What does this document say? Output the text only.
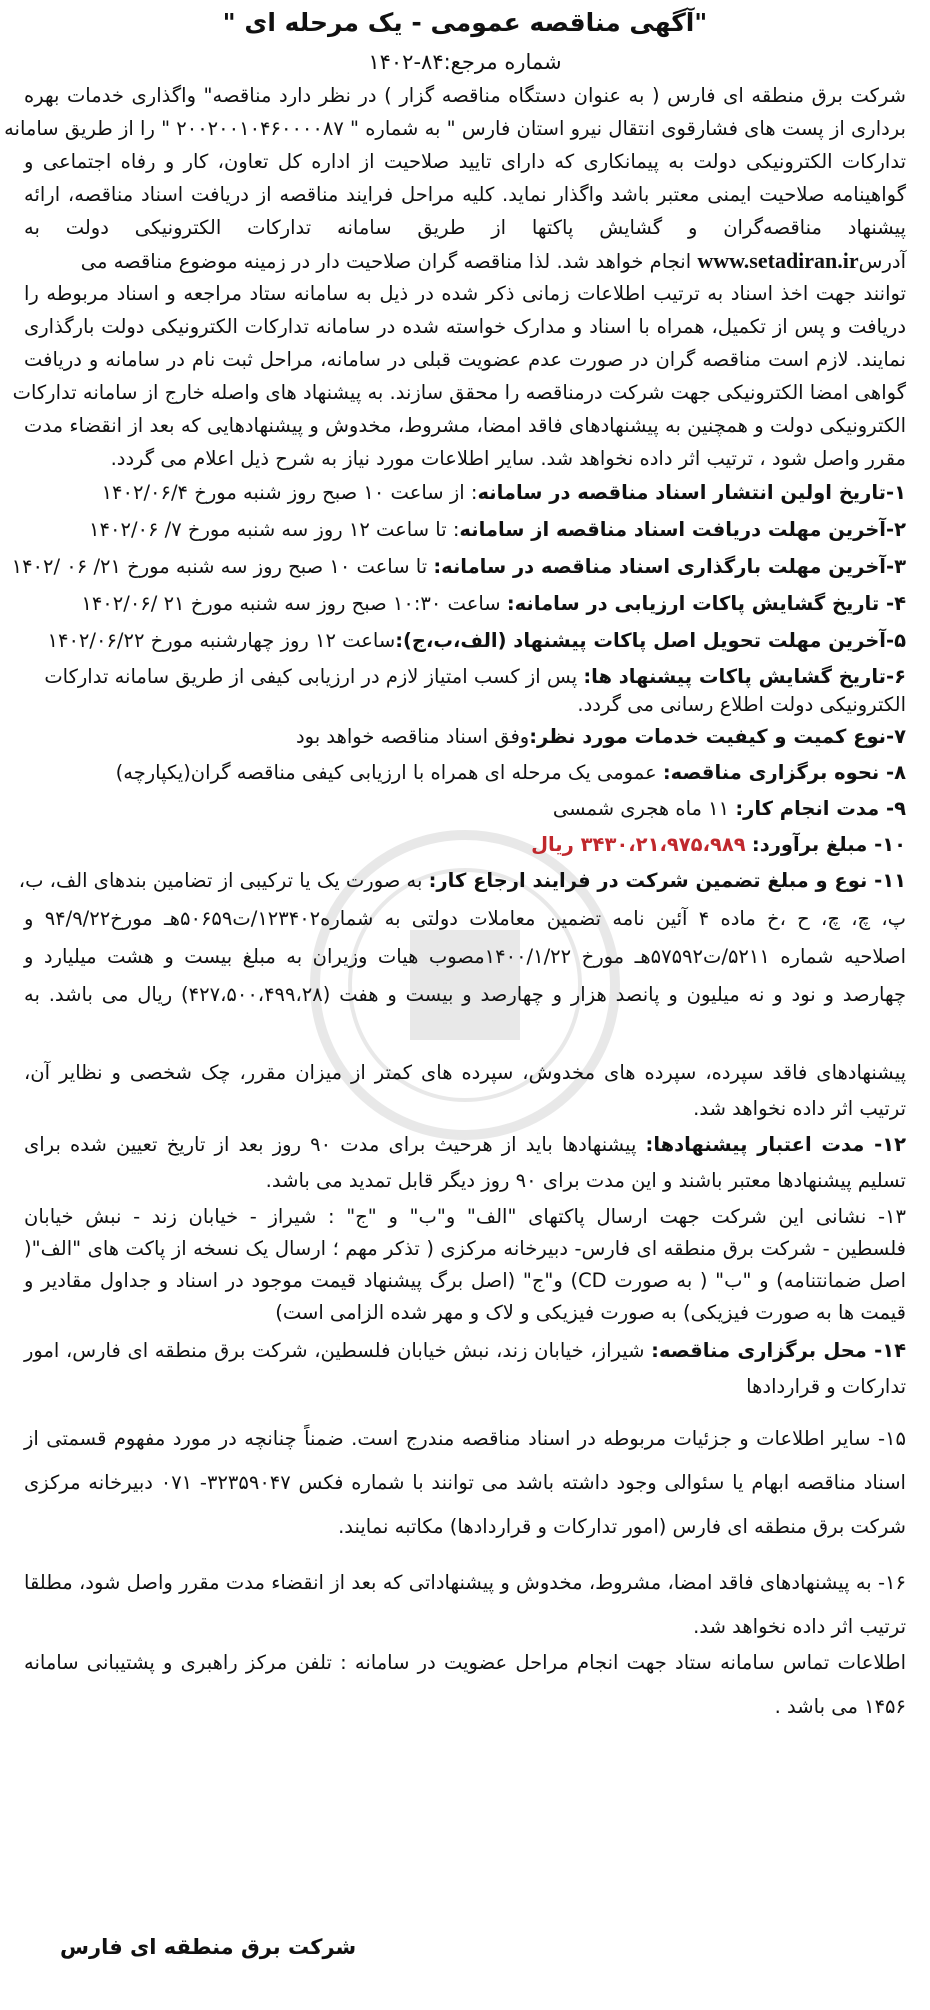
"آگهی مناقصه عمومی - یک مرحله ای "
شماره مرجع:۸۴-۱۴۰۲
شرکت برق منطقه ای فارس ( به عنوان دستگاه مناقصه گزار ) در نظر دارد مناقصه" واگذاری خدمات بهره
برداری از پست های فشارقوی انتقال نیرو استان فارس " به شماره " ۲۰۰۲۰۰۱۰۴۶۰۰۰۰۸۷ " را از طریق سامانه
تدارکات الکترونیکی دولت به پیمانکاری که دارای تایید صلاحیت از اداره کل تعاون، کار و رفاه اجتماعی و
گواهینامه صلاحیت ایمنی معتبر باشد واگذار نماید. کلیه مراحل فرایند مناقصه از دریافت اسناد مناقصه، ارائه
پیشنهاد مناقصه‌گران و گشایش پاکتها از طریق سامانه تدارکات الکترونیکی دولت به
آدرسwww.setadiran.ir انجام خواهد شد. لذا مناقصه گران صلاحیت دار در زمینه موضوع مناقصه می
توانند جهت اخذ اسناد به ترتیب اطلاعات زمانی ذکر شده در ذیل به سامانه ستاد مراجعه و اسناد مربوطه را
دریافت و پس از تکمیل، همراه با اسناد و مدارک خواسته شده در سامانه تدارکات الکترونیکی دولت بارگذاری
نمایند. لازم است مناقصه گران در صورت عدم عضویت قبلی در سامانه، مراحل ثبت نام در سامانه و دریافت
گواهی امضا الکترونیکی جهت شرکت درمناقصه را محقق سازند. به پیشنهاد های واصله خارج از سامانه تدارکات
الکترونیکی دولت و همچنین به پیشنهادهای فاقد امضا، مشروط، مخدوش و پیشنهادهایی که بعد از انقضاء مدت
مقرر واصل شود ، ترتیب اثر داده نخواهد شد. سایر اطلاعات مورد نیاز به شرح ذیل اعلام می گردد.
۱-تاریخ اولین انتشار اسناد مناقصه در سامانه: از ساعت ۱۰ صبح روز شنبه مورخ ۱۴۰۲/۰۶/۴
۲-آخرین مهلت دریافت اسناد مناقصه از سامانه: تا ساعت ۱۲ روز سه شنبه مورخ ۷/ ۱۴۰۲/۰۶
۳-آخرین مهلت بارگذاری اسناد مناقصه در سامانه: تا ساعت ۱۰ صبح روز سه شنبه مورخ ۲۱/ ۰۶ /۱۴۰۲
۴- تاریخ گشایش پاکات ارزیابی در سامانه: ساعت ۱۰:۳۰ صبح روز سه شنبه مورخ ۲۱ /۱۴۰۲/۰۶
۵-آخرین مهلت تحویل اصل پاکات پیشنهاد (الف،ب،ج):ساعت ۱۲ روز چهارشنبه مورخ ۱۴۰۲/۰۶/۲۲
۶-تاریخ گشایش پاکات پیشنهاد ها: پس از کسب امتیاز لازم در ارزیابی کیفی از طریق سامانه تدارکات
الکترونیکی دولت اطلاع رسانی می گردد.
۷-نوع کمیت و کیفیت خدمات مورد نظر:وفق اسناد مناقصه خواهد بود
۸- نحوه برگزاری مناقصه: عمومی یک مرحله ای همراه با ارزیابی کیفی مناقصه گران(یکپارچه)
۹- مدت انجام کار: ۱۱ ماه هجری شمسی
۱۰- مبلغ برآورد: ۳۴۳۰،۲۱،۹۷۵،۹۸۹ ریال
۱۱- نوع و مبلغ تضمین شرکت در فرایند ارجاع کار: به صورت یک یا ترکیبی از تضامین بندهای الف، ب،
پ، چ، چ، ح ،خ ماده ۴ آئین نامه تضمین معاملات دولتی به شماره۱۲۳۴۰۲/ت۵۰۶۵۹هـ مورخ۹۴/۹/۲۲ و
اصلاحیه شماره ۵۲۱۱/ت۵۷۵۹۲هـ مورخ ۱۴۰۰/۱/۲۲مصوب هیات وزیران به مبلغ بیست و هشت میلیارد و
چهارصد و نود و نه میلیون و پانصد هزار و چهارصد و بیست و هفت (۴۲۷،۵۰۰،۴۹۹،۲۸) ریال می باشد. به
پیشنهادهای فاقد سپرده، سپرده های مخدوش، سپرده های کمتر از میزان مقرر، چک شخصی و نظایر آن،
ترتیب اثر داده نخواهد شد.
۱۲- مدت اعتبار پیشنهادها: پیشنهادها باید از هرحیث برای مدت ۹۰ روز بعد از تاریخ تعیین شده برای
تسلیم پیشنهادها معتبر باشند و این مدت برای ۹۰ روز دیگر قابل تمدید می باشد.
۱۳- نشانی این شرکت جهت ارسال پاکتهای "الف" و"ب" و "ج" : شیراز - خیابان زند - نبش خیابان
فلسطین - شرکت برق منطقه ای فارس- دبیرخانه مرکزی ( تذکر مهم ؛ ارسال یک نسخه از پاکت های "الف"(
اصل ضمانتنامه) و "ب" ( به صورت CD) و"ج" (اصل برگ پیشنهاد قیمت موجود در اسناد و جداول مقادیر و
قیمت ها به صورت فیزیکی) به صورت فیزیکی و لاک و مهر شده الزامی است)
۱۴- محل برگزاری مناقصه: شیراز، خیابان زند، نبش خیابان فلسطین، شرکت برق منطقه ای فارس، امور
تدارکات و قراردادها
۱۵- سایر اطلاعات و جزئیات مربوطه در اسناد مناقصه مندرج است. ضمناً چنانچه در مورد مفهوم قسمتی از
اسناد مناقصه ابهام یا سئوالی وجود داشته باشد می توانند با شماره فکس ۳۲۳۵۹۰۴۷- ۰۷۱ دبیرخانه مرکزی
شرکت برق منطقه ای فارس (امور تدارکات و قراردادها) مکاتبه نمایند.
۱۶- به پیشنهادهای فاقد امضا، مشروط، مخدوش و پیشنهاداتی که بعد از انقضاء مدت مقرر واصل شود، مطلقا
ترتیب اثر داده نخواهد شد.
اطلاعات تماس سامانه ستاد جهت انجام مراحل عضویت در سامانه : تلفن مرکز راهبری و پشتیبانی سامانه
۱۴۵۶ می باشد .
شرکت برق منطقه ای فارس
